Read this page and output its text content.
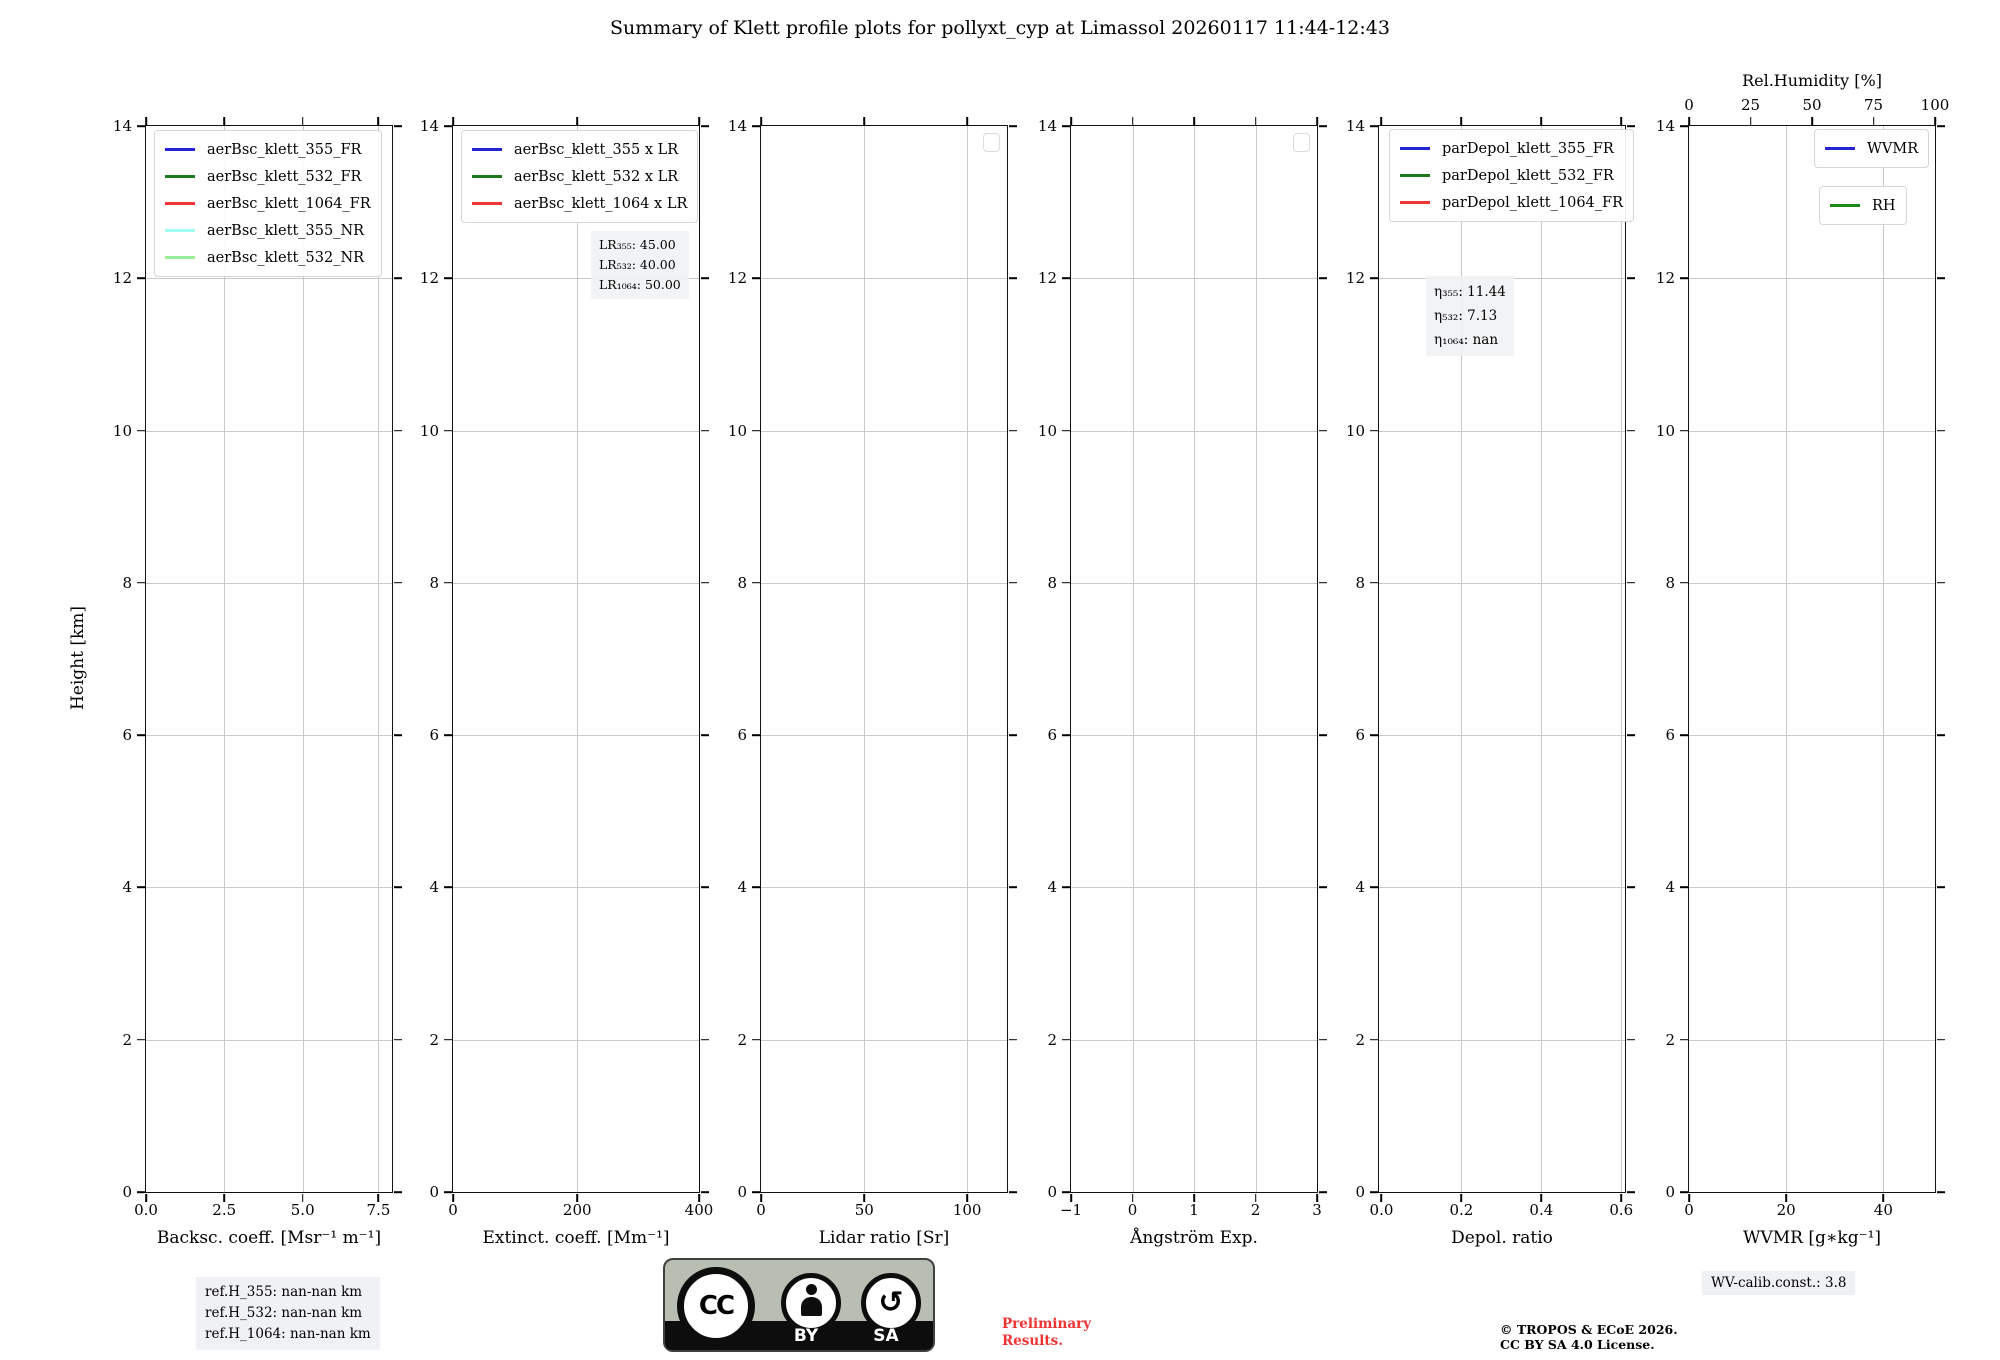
Summary of Klett profile plots for pollyxt_cyp at Limassol 20260117 11:44-12:43
Height [km]
14
12
10
8
6
4
2
0
0.0	2.5	5.0	7.5
Backsc. coeff. [Msr⁻¹ m⁻¹]
aerBsc_klett_355_FR
aerBsc_klett_532_FR
aerBsc_klett_1064_FR
aerBsc_klett_355_NR
aerBsc_klett_532_NR
14
12
10
8
6
4
2
0
0	200	400
Extinct. coeff. [Mm⁻¹]
aerBsc_klett_355 x LR
aerBsc_klett_532 x LR
aerBsc_klett_1064 x LR
LR₃₅₅: 45.00
LR₅₃₂: 40.00
LR₁₀₆₄: 50.00
14
12
10
8
6
4
2
0
0	50	100
Lidar ratio [Sr]
14
12
10
8
6
4
2
0
−1	0	1	2	3
Ångström Exp.
14
12
10
8
6
4
2
0
0.0	0.2	0.4	0.6
Depol. ratio
parDepol_klett_355_FR
parDepol_klett_532_FR
parDepol_klett_1064_FR
η₃₅₅: 11.44
η₅₃₂: 7.13
η₁₀₆₄: nan
14
12
10
8
6
4
2
0
0	20	40
0	25	50	75	100
Rel.Humidity [%]
WVMR [g∗kg⁻¹]
WVMR
RH
ref.H_355: nan-nan km
ref.H_532: nan-nan km
ref.H_1064: nan-nan km
CC	↺
BY	SA
Preliminary
Results.
© TROPOS & ECoE 2026.
CC BY SA 4.0 License.
WV-calib.const.: 3.8
